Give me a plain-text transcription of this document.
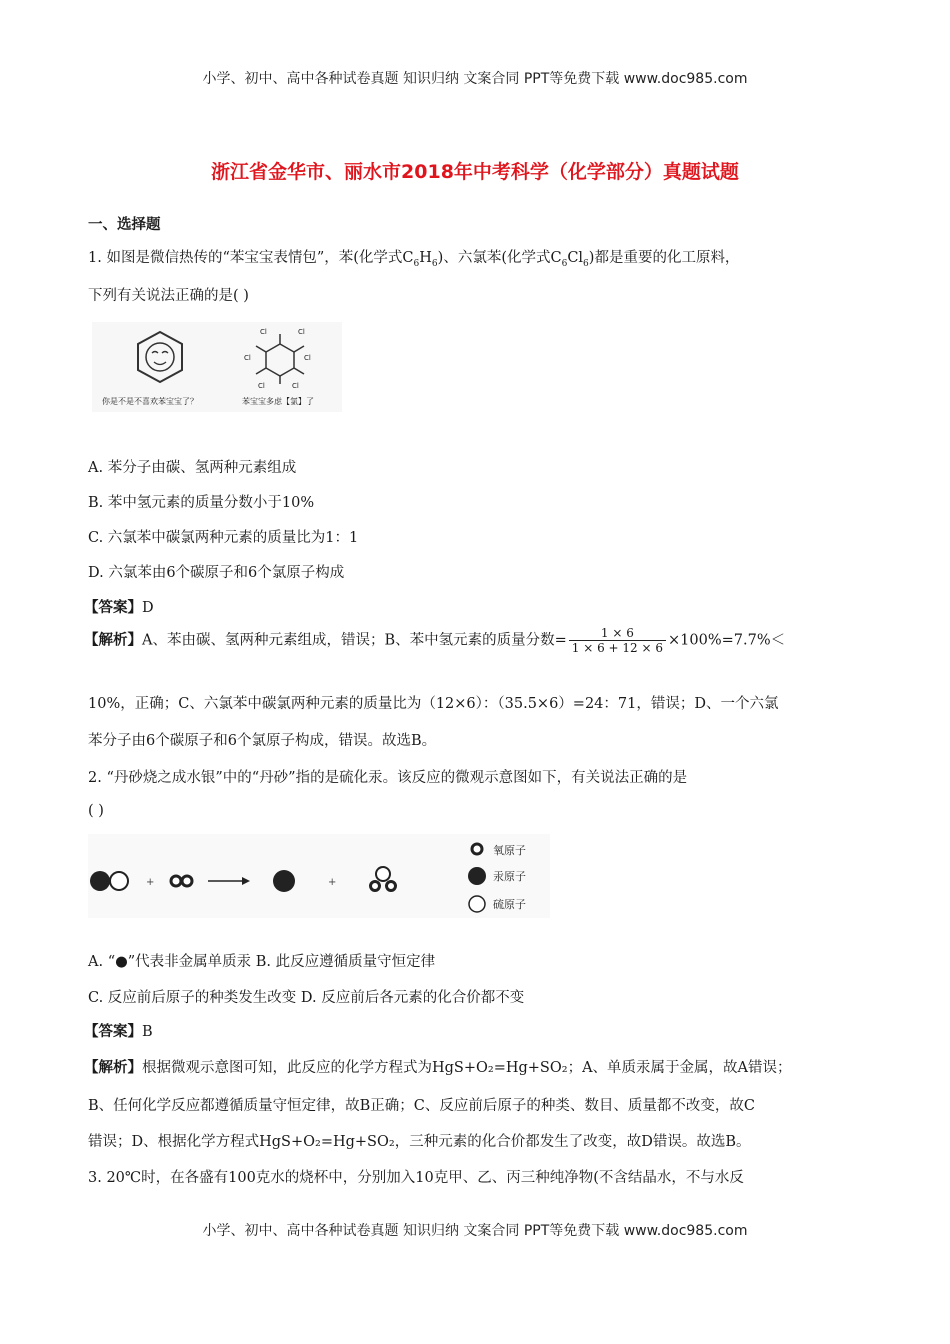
小学、初中、高中各种试卷真题 知识归纳 文案合同 PPT等免费下载 www.doc985.com
浙江省金华市、丽水市2018年中考科学（化学部分）真题试题
一、选择题
1. 如图是微信热传的“苯宝宝表情包”，苯(化学式$C_6H_6$)、六氯苯(化学式$C_6Cl_6$)都是重要的化工原料，
下列有关说法正确的是( )
你是不是不喜欢苯宝宝了？
Cl	Cl
Cl	Cl
Cl	Cl
苯宝宝多虑【氯】了
A. 苯分子由碳、氢两种元素组成
B. 苯中氢元素的质量分数小于10%
C. 六氯苯中碳氯两种元素的质量比为1：1
D. 六氯苯由6个碳原子和6个氯原子构成
【答案】D
【解析】A、苯由碳、氢两种元素组成，错误；B、苯中氢元素的质量分数= $\frac{1 \times 6}{1 \times 6 + 12 \times 6} \times 100\%=7.7\%<$
10%，正确；C、六氯苯中碳氯两种元素的质量比为（12×6）：（35.5×6）=24：71，错误；D、一个六氯
苯分子由6个碳原子和6个氯原子构成，错误。故选B。
2. “丹砂烧之成水银”中的“丹砂”指的是硫化汞。该反应的微观示意图如下，有关说法正确的是
( )
+	+
氧原子
汞原子
硫原子
A. “●”代表非金属单质汞 B. 此反应遵循质量守恒定律
C. 反应前后原子的种类发生改变 D. 反应前后各元素的化合价都不变
【答案】B
【解析】根据微观示意图可知，此反应的化学方程式为HgS+O₂=Hg+SO₂；A、单质汞属于金属，故A错误；
B、任何化学反应都遵循质量守恒定律，故B正确；C、反应前后原子的种类、数目、质量都不改变，故C
错误；D、根据化学方程式HgS+O₂=Hg+SO₂，三种元素的化合价都发生了改变，故D错误。故选B。
3. 20℃时，在各盛有100克水的烧杯中，分别加入10克甲、乙、丙三种纯净物(不含结晶水，不与水反
小学、初中、高中各种试卷真题 知识归纳 文案合同 PPT等免费下载 www.doc985.com
